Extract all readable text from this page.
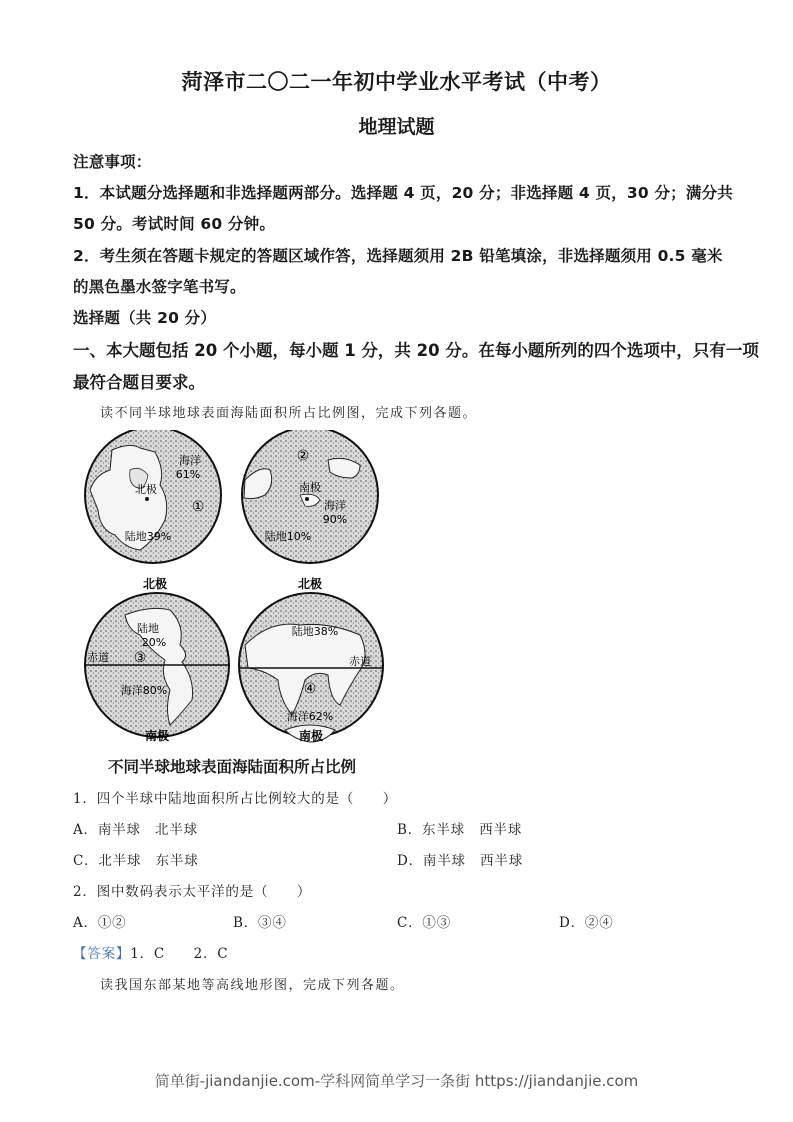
菏泽市二〇二一年初中学业水平考试（中考）
地理试题
注意事项：
1．本试题分选择题和非选择题两部分。选择题 4 页，20 分；非选择题 4 页，30 分；满分共
50 分。考试时间 60 分钟。
2．考生须在答题卡规定的答题区域作答，选择题须用 2B 铅笔填涂，非选择题须用 0.5 毫米
的黑色墨水签字笔书写。
选择题（共 20 分）
一、本大题包括 20 个小题，每小题 1 分，共 20 分。在每小题所列的四个选项中，只有一项
最符合题目要求。
读不同半球地球表面海陆面积所占比例图，完成下列各题。
海洋
61%
北极
①
陆地39%
北极
②
南极
海洋
90%
陆地10%
北极
陆地
20%
赤道 ③
海洋80%
南极
陆地38%
赤道
④
海洋62%
南极
不同半球地球表面海陆面积所占比例
1．四个半球中陆地面积所占比例较大的是（　　）
A．南半球　北半球	B．东半球　西半球
C．北半球　东半球	D．南半球　西半球
2．图中数码表示太平洋的是（　　）
A．①②	B．③④	C．①③	D．②④
【答案】1．C　　2．C
读我国东部某地等高线地形图，完成下列各题。
简单街-jiandanjie.com-学科网简单学习一条街 https://jiandanjie.com
